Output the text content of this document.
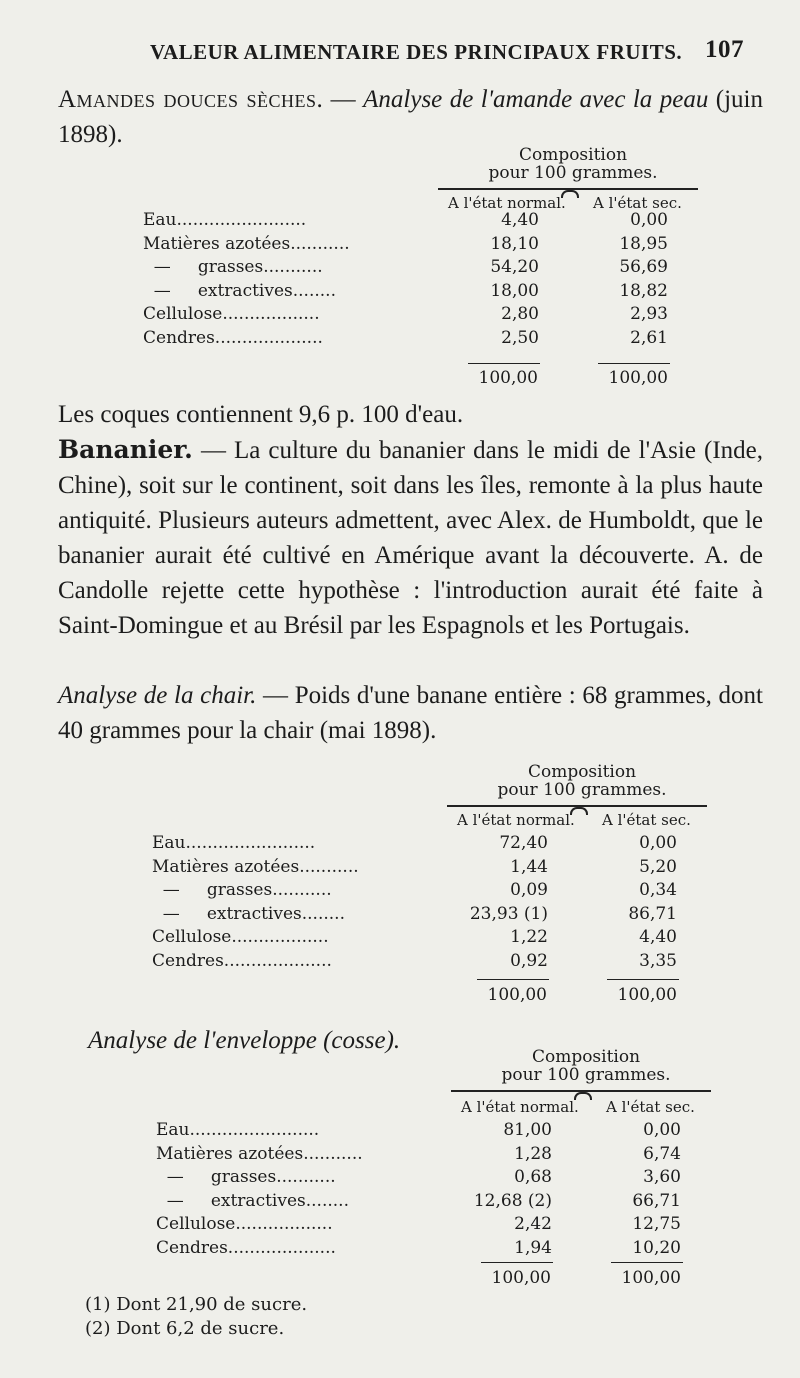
VALEUR ALIMENTAIRE DES PRINCIPAUX FRUITS. 107
Amandes douces sèches. — Analyse de l'amande avec la peau (juin 1898).
Composition
pour 100 grammes.
A l'état normal. A l'état sec.
Eau........................	4,40	0,00
Matières azotées...........	18,10	18,95
—     grasses...........	54,20	56,69
—     extractives........	18,00	18,82
Cellulose..................	2,80	2,93
Cendres....................	2,50	2,61
100,00	100,00
Les coques contiennent 9,6 p. 100 d'eau.
Bananier. — La culture du bananier dans le midi de l'Asie (Inde, Chine), soit sur le continent, soit dans les îles, remonte à la plus haute antiquité. Plusieurs auteurs admettent, avec Alex. de Humboldt, que le bananier aurait été cultivé en Amérique avant la découverte. A. de Candolle rejette cette hypothèse : l'introduction aurait été faite à Saint-Domingue et au Brésil par les Espagnols et les Portugais.
Analyse de la chair. — Poids d'une banane entière : 68 grammes, dont 40 grammes pour la chair (mai 1898).
Composition
pour 100 grammes.
A l'état normal. A l'état sec.
Eau........................	72,40	0,00
Matières azotées...........	1,44	5,20
—     grasses...........	0,09	0,34
—     extractives........	23,93 (1)	86,71
Cellulose..................	1,22	4,40
Cendres....................	0,92	3,35
100,00	100,00
Analyse de l'enveloppe (cosse).
Composition
pour 100 grammes.
A l'état normal. A l'état sec.
Eau........................	81,00	0,00
Matières azotées...........	1,28	6,74
—     grasses...........	0,68	3,60
—     extractives........	12,68 (2)	66,71
Cellulose..................	2,42	12,75
Cendres....................	1,94	10,20
100,00	100,00
(1) Dont 21,90 de sucre.
(2) Dont 6,2 de sucre.
